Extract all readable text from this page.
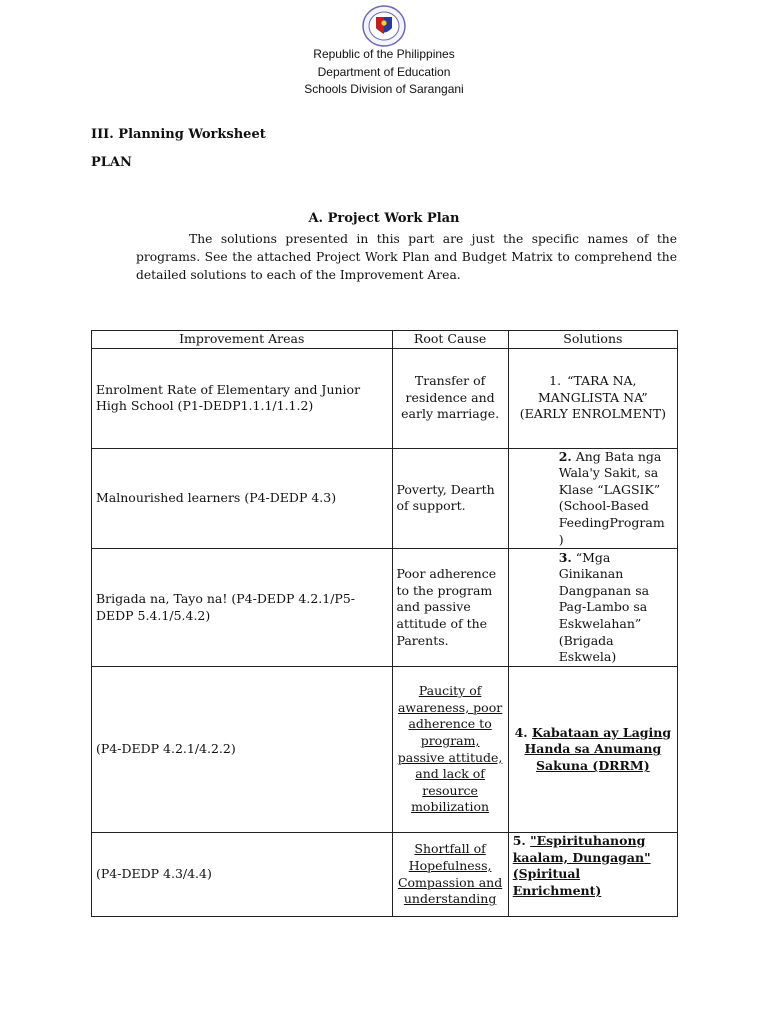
Republic of the Philippines
Department of Education
Schools Division of Sarangani
III. Planning Worksheet
PLAN
A. Project Work Plan

The solutions presented in this part are just the specific names of the programs. See the attached Project Work Plan and Budget Matrix to comprehend the detailed solutions to each of the Improvement Area.

Improvement Areas	Root Cause	Solutions
Enrolment Rate of Elementary and Junior High School (P1-DEDP1.1.1/1.1.2)	Transfer of residence and early marriage.	1. “TARA NA, MANGLISTA NA” (EARLY ENROLMENT)
Malnourished learners (P4-DEDP 4.3)	Poverty, Dearth of support.	2. Ang Bata nga Wala'y Sakit, sa Klase “LAGSIK” (School-Based FeedingProgram )
Brigada na, Tayo na! (P4-DEDP 4.2.1/P5-DEDP 5.4.1/5.4.2)	Poor adherence to the program and passive attitude of the Parents.	3. “Mga Ginikanan Dangpanan sa Pag-Lambo sa Eskwelahan” (Brigada Eskwela)
(P4-DEDP 4.2.1/4.2.2)	Paucity of awareness, poor adherence to program, passive attitude, and lack of resource mobilization	4. Kabataan ay Laging Handa sa Anumang Sakuna (DRRM)
(P4-DEDP 4.3/4.4)	Shortfall of Hopefulness, Compassion and understanding	5. "Espirituhanong kaalam, Dungagan" (Spiritual Enrichment)
